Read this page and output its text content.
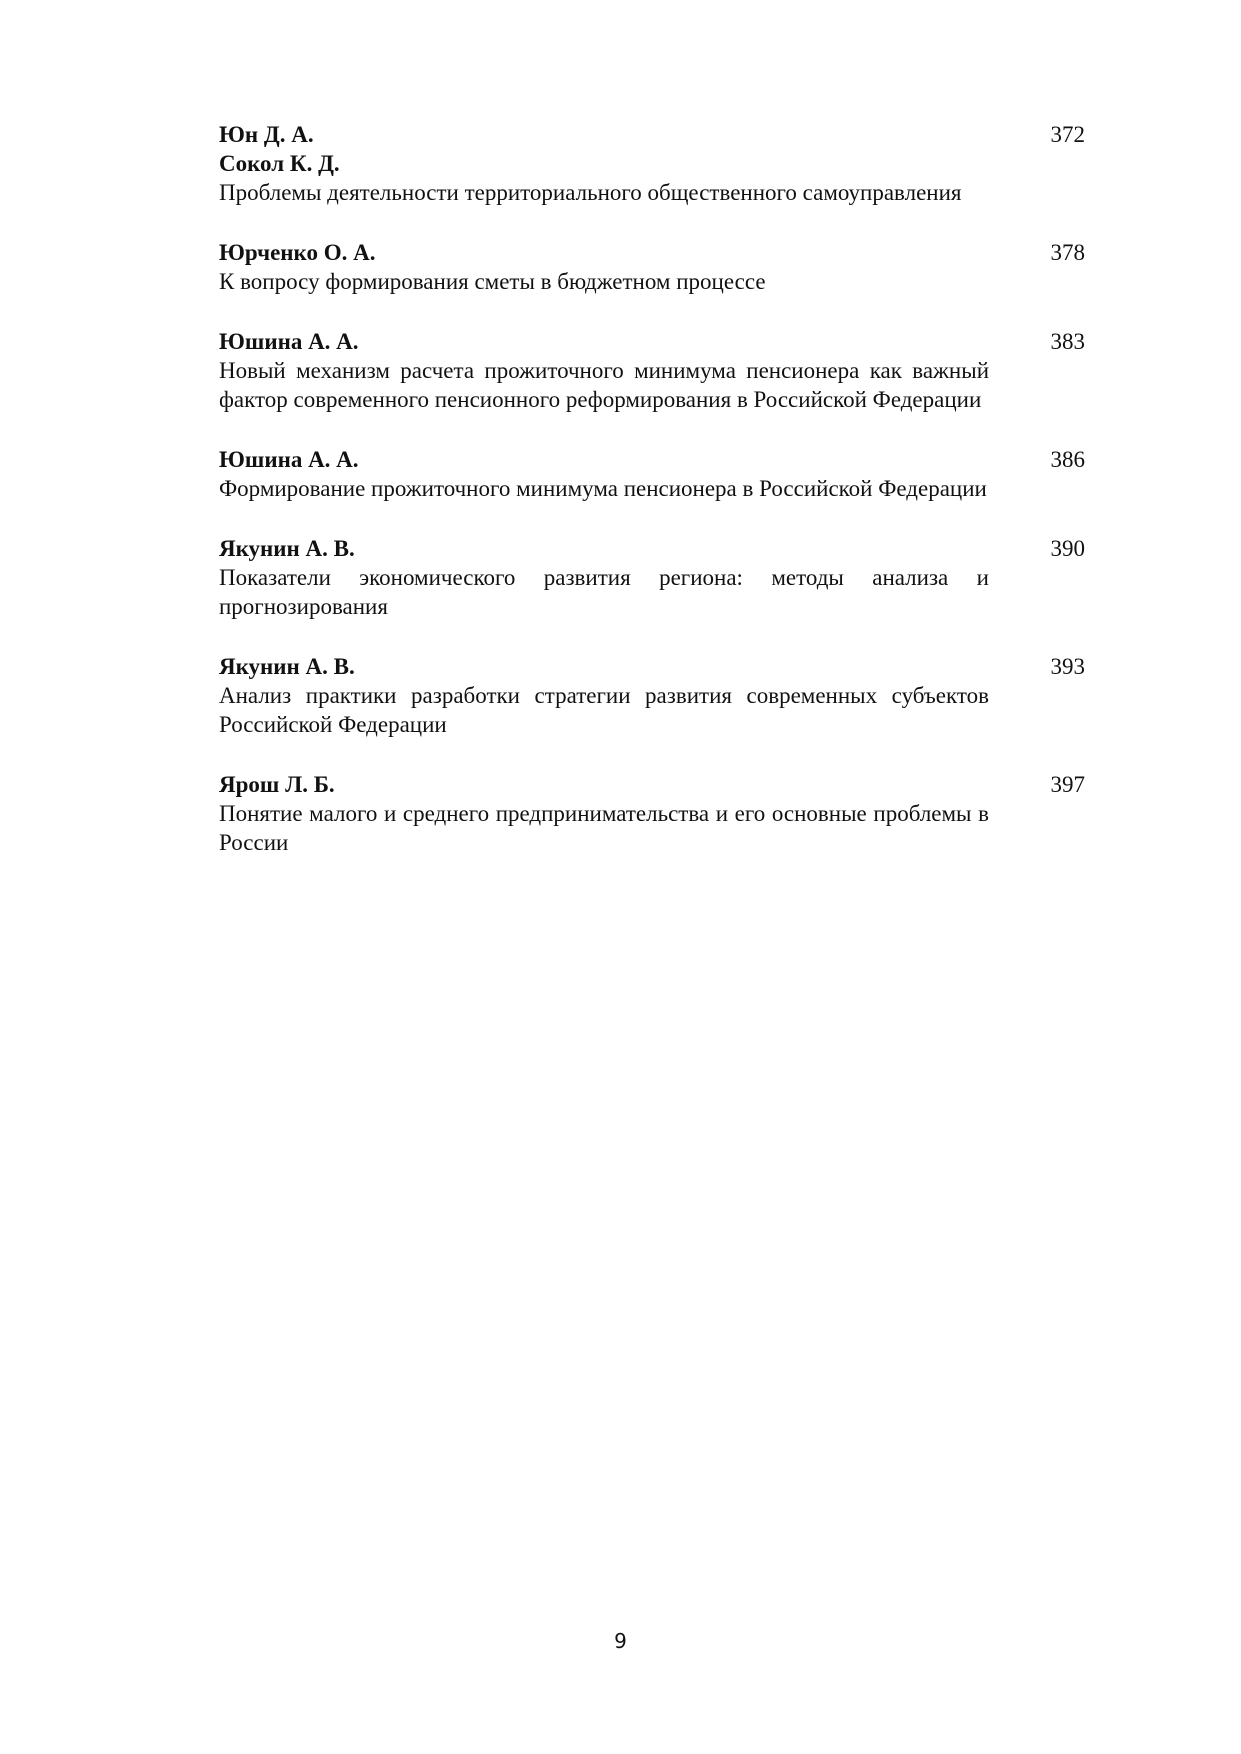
Юн Д. А.
Сокол К. Д.
Проблемы деятельности территориального общественного самоуправления
372
Юрченко О. А.
К вопросу формирования сметы в бюджетном процессе
378
Юшина А. А.
Новый механизм расчета прожиточного минимума пенсионера как важный фактор современного пенсионного реформирования в Российской Федерации
383
Юшина А. А.
Формирование прожиточного минимума пенсионера в Российской Федерации
386
Якунин А. В.
Показатели экономического развития региона: методы анализа и прогнозирования
390
Якунин А. В.
Анализ практики разработки стратегии развития современных субъектов Российской Федерации
393
Ярош Л. Б.
Понятие малого и среднего предпринимательства и его основные проблемы в России
397
9
